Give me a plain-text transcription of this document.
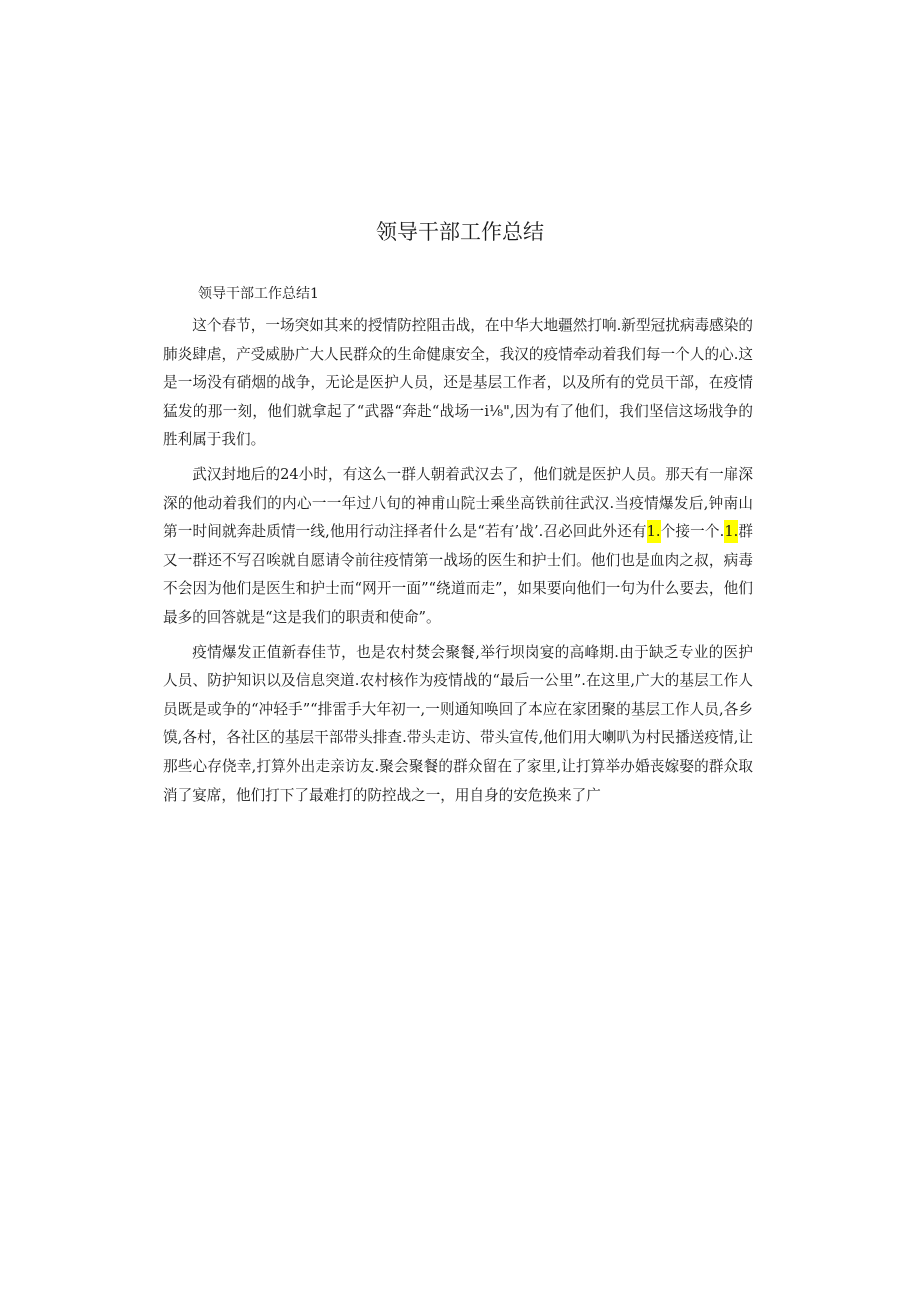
领导干部工作总结
领导干部工作总结1

这个春节，一场突如其来的授情防控阻击战，在中华大地疆然打响.新型冠扰病毒感染的肺炎肆虐，产受威胁广大人民群众的生命健康安全，我汉的疫情牵动着我们每一个人的心.这是一场没有硝烟的战争，无论是医护人员，还是基层工作者，以及所有的党员干部，在疫情猛发的那一刻，他们就拿起了“武器“奔赴“战场一i⅛",因为有了他们，我们坚信这场戕争的胜利属于我们。

武汉封地后的24小时，有这么一群人朝着武汉去了，他们就是医护人员。那天有一扉深深的他动着我们的内心一一年过八旬的神甫山院士乘坐高铁前往武汉.当疫情爆发后,钟南山第一时间就奔赴质情一线,他用行动注择者什么是“若有’战’.召必回此外还有1.个接一个.1.群又一群还不写召唉就自愿请令前往疫情第一战场的医生和护士们。他们也是血肉之叔，病毒不会因为他们是医生和护士而“网开一面”“绕道而走”，如果要向他们一句为什么要去，他们最多的回答就是“这是我们的职责和使命”。

疫情爆发正值新春佳节，也是农村焚会聚餐,举行坝岗宴的高峰期.由于缺乏专业的医护人员、防护知识以及信息突道.农村核作为疫情战的“最后一公里”.在这里,广大的基层工作人员既是或争的“冲轻手”“排雷手大年初一,一则通知唤回了本应在家团聚的基层工作人员,各乡馍,各村，各社区的基层干部带头排查.带头走访、带头宣传,他们用大喇叭为村民播送疫情,让那些心存侥幸,打算外出走亲访友.聚会聚餐的群众留在了家里,让打算举办婚丧嫁娶的群众取消了宴席，他们打下了最难打的防控战之一，用自身的安危换来了广
